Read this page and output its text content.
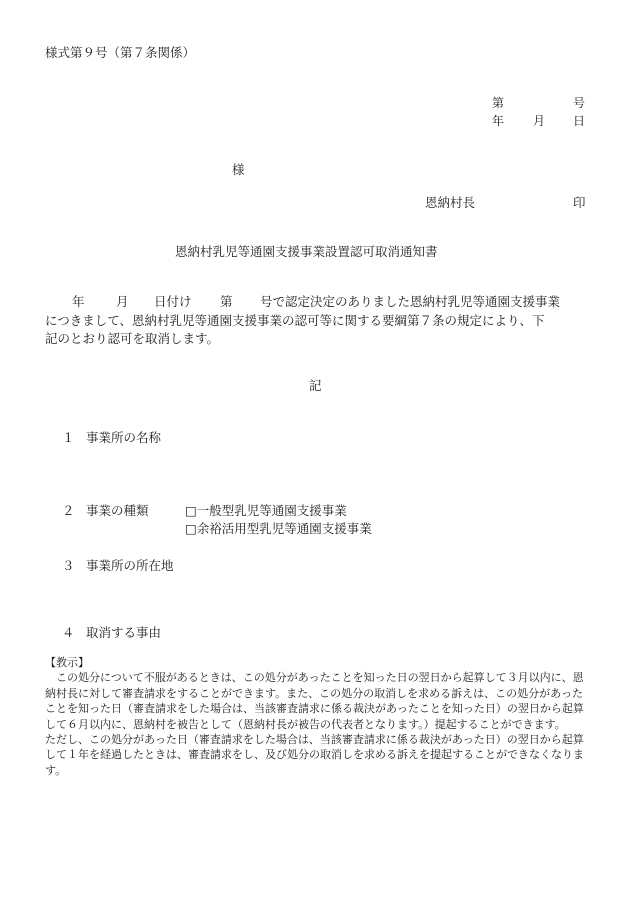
様式第９号（第７条関係）
第	号
年 月 日
様
恩納村長	印
恩納村乳児等通園支援事業設置認可取消通知書
年	月 日付け 第 号で認定決定のありました恩納村乳児等通園支援事業
につきまして、恩納村乳児等通園支援事業の認可等に関する要綱第７条の規定により、下
記のとおり認可を取消します。
記
１ 事業所の名称
２ 事業の種類	□一般型乳児等通園支援事業
□余裕活用型乳児等通園支援事業
３ 事業所の所在地
４ 取消する事由

【教示】

この処分について不服があるときは、この処分があったことを知った日の翌日から起算して３月以内に、恩納村長に対して審査請求をすることができます。また、この処分の取消しを求める訴えは、この処分があったことを知った日（審査請求をした場合は、当該審査請求に係る裁決があったことを知った日）の翌日から起算して６月以内に、恩納村を被告として（恩納村長が被告の代表者となります。）提起することができます。

ただし、この処分があった日（審査請求をした場合は、当該審査請求に係る裁決があった日）の翌日から起算して１年を経過したときは、審査請求をし、及び処分の取消しを求める訴えを提起することができなくなります。
